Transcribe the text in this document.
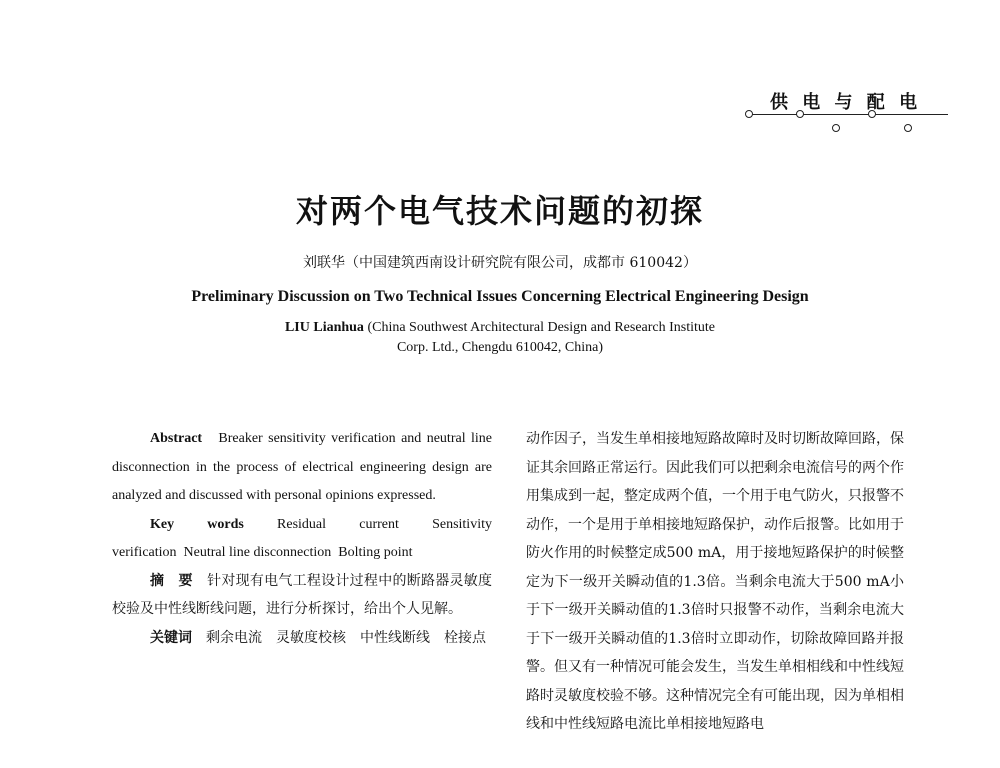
供 电 与 配 电
对两个电气技术问题的初探
刘联华（中国建筑西南设计研究院有限公司，成都市 610042）
Preliminary Discussion on Two Technical Issues Concerning Electrical Engineering Design
LIU Lianhua (China Southwest Architectural Design and Research Institute
Corp. Ltd., Chengdu 610042, China)

Abstract Breaker sensitivity verification and neutral line disconnection in the process of electrical engineering design are analyzed and discussed with personal opinions expressed.

Key words Residual current Sensitivity

verification  Neutral line disconnection  Bolting point

摘　要　 针对现有电气工程设计过程中的断路器灵敏度校验及中性线断线问题，进行分析探讨，给出个人见解。

关键词　 剩余电流　灵敏度校核　中性线断线　栓接点

动作因子，当发生单相接地短路故障时及时切断故障回路，保证其余回路正常运行。因此我们可以把剩余电流信号的两个作用集成到一起，整定成两个值，一个用于电气防火，只报警不动作，一个是用于单相接地短路保护，动作后报警。比如用于防火作用的时候整定成500 mA，用于接地短路保护的时候整定为下一级开关瞬动值的1.3倍。当剩余电流大于500 mA小于下一级开关瞬动值的1.3倍时只报警不动作，当剩余电流大于下一级开关瞬动值的1.3倍时立即动作，切除故障回路并报警。但又有一种情况可能会发生，当发生单相相线和中性线短路时灵敏度校验不够。这种情况完全有可能出现，因为单相相线和中性线短路电流比单相接地短路电
